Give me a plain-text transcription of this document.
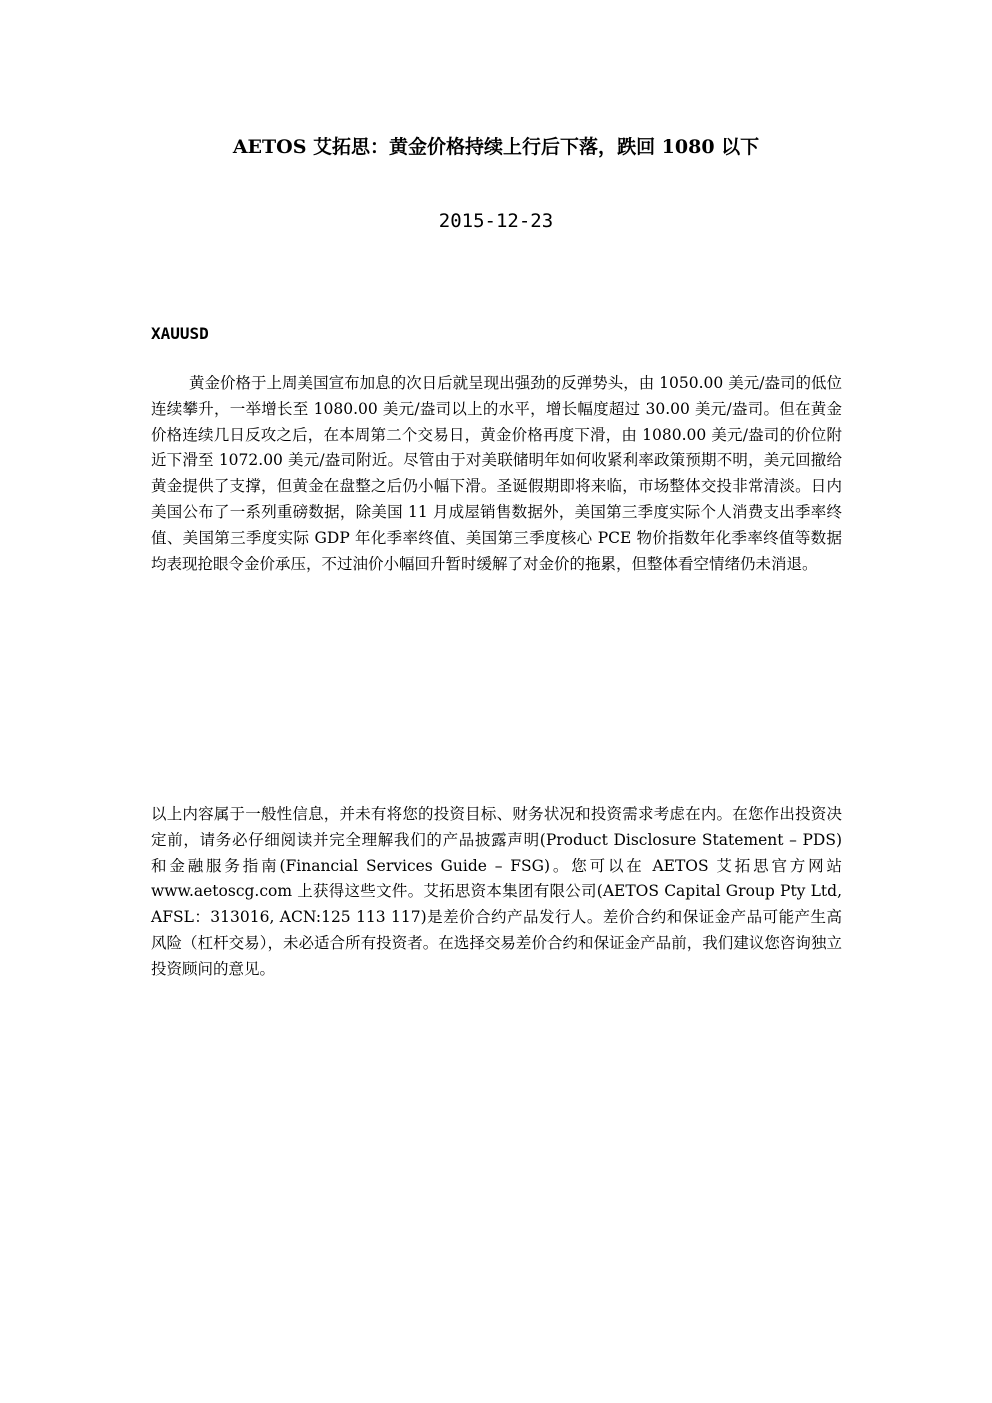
AETOS 艾拓思：黄金价格持续上行后下落，跌回 1080 以下
2015-12-23
XAUUSD

黄金价格于上周美国宣布加息的次日后就呈现出强劲的反弹势头，由 1050.00 美元/盎司的低位连续攀升，一举增长至 1080.00 美元/盎司以上的水平，增长幅度超过 30.00 美元/盎司。但在黄金价格连续几日反攻之后，在本周第二个交易日，黄金价格再度下滑，由 1080.00 美元/盎司的价位附近下滑至 1072.00 美元/盎司附近。尽管由于对美联储明年如何收紧利率政策预期不明，美元回撤给黄金提供了支撑，但黄金在盘整之后仍小幅下滑。圣诞假期即将来临，市场整体交投非常清淡。日内美国公布了一系列重磅数据，除美国 11 月成屋销售数据外，美国第三季度实际个人消费支出季率终值、美国第三季度实际 GDP 年化季率终值、美国第三季度核心 PCE 物价指数年化季率终值等数据均表现抢眼令金价承压，不过油价小幅回升暂时缓解了对金价的拖累，但整体看空情绪仍未消退。

以上内容属于一般性信息，并未有将您的投资目标、财务状况和投资需求考虑在内。在您作出投资决定前，请务必仔细阅读并完全理解我们的产品披露声明(Product Disclosure Statement – PDS) 和金融服务指南(Financial Services Guide – FSG)。您可以在 AETOS 艾拓思官方网站 www.aetoscg.com 上获得这些文件。艾拓思资本集团有限公司(AETOS Capital Group Pty Ltd, AFSL：313016, ACN:125 113 117)是差价合约产品发行人。差价合约和保证金产品可能产生高风险（杠杆交易），未必适合所有投资者。在选择交易差价合约和保证金产品前，我们建议您咨询独立投资顾问的意见。
